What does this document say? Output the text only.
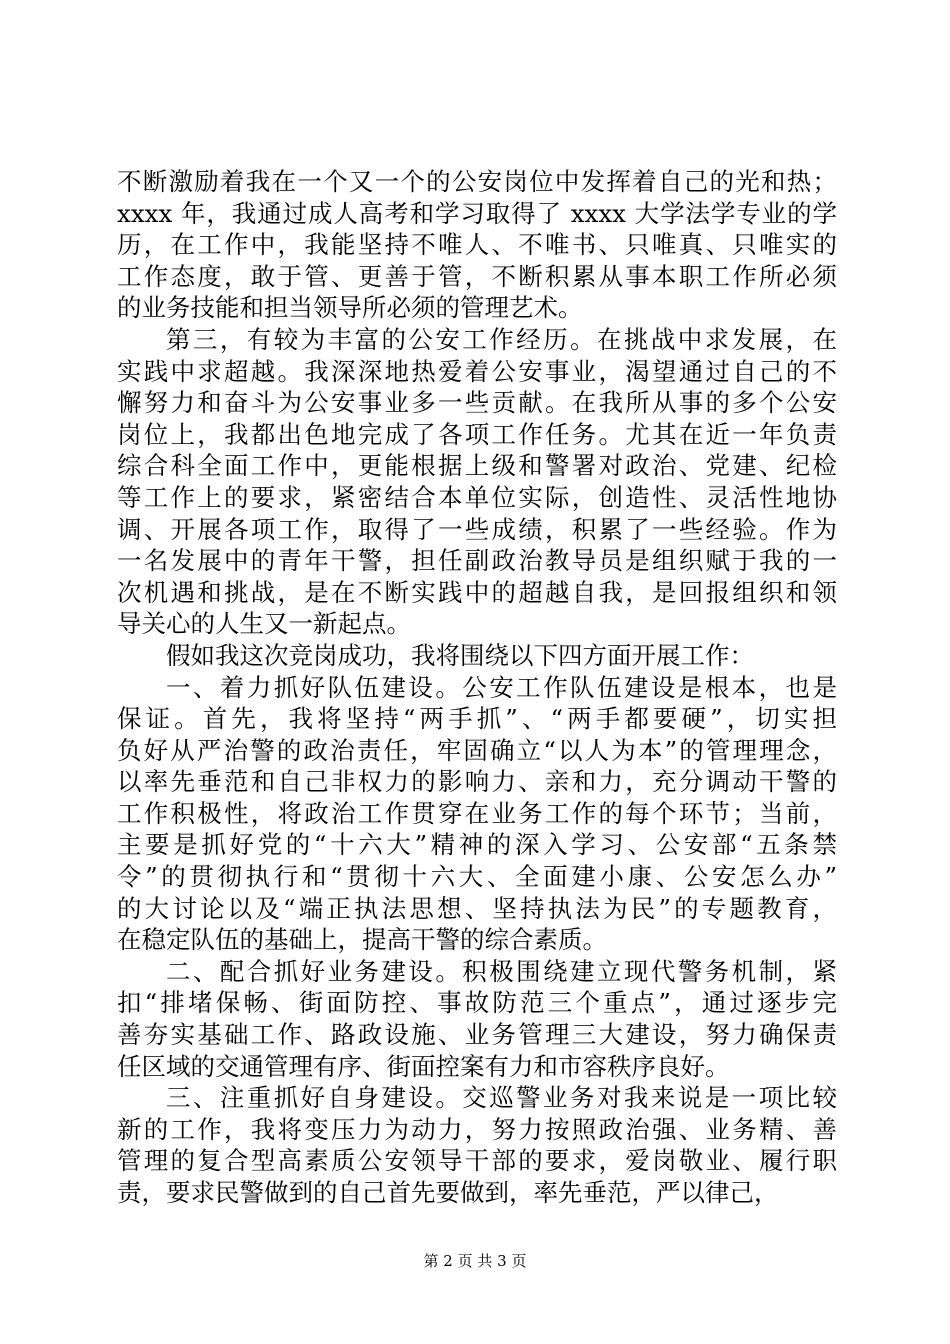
不断激励着我在一个又一个的公安岗位中发挥着自己的光和热；
xxxx 年，我通过成人高考和学习取得了 xxxx 大学法学专业的学
历，在工作中，我能坚持不唯人、不唯书、只唯真、只唯实的
工作态度，敢于管、更善于管，不断积累从事本职工作所必须
的业务技能和担当领导所必须的管理艺术。
第三，有较为丰富的公安工作经历。在挑战中求发展，在
实践中求超越。我深深地热爱着公安事业，渴望通过自己的不
懈努力和奋斗为公安事业多一些贡献。在我所从事的多个公安
岗位上，我都出色地完成了各项工作任务。尤其在近一年负责
综合科全面工作中，更能根据上级和警署对政治、党建、纪检
等工作上的要求，紧密结合本单位实际，创造性、灵活性地协
调、开展各项工作，取得了一些成绩，积累了一些经验。作为
一名发展中的青年干警，担任副政治教导员是组织赋于我的一
次机遇和挑战，是在不断实践中的超越自我，是回报组织和领
导关心的人生又一新起点。
假如我这次竞岗成功，我将围绕以下四方面开展工作：
一、着力抓好队伍建设。公安工作队伍建设是根本，也是
保证。首先，我将坚持“两手抓”、“两手都要硬”，切实担
负好从严治警的政治责任，牢固确立“以人为本”的管理理念，
以率先垂范和自己非权力的影响力、亲和力，充分调动干警的
工作积极性，将政治工作贯穿在业务工作的每个环节；当前，
主要是抓好党的“十六大”精神的深入学习、公安部“五条禁
令”的贯彻执行和“贯彻十六大、全面建小康、公安怎么办”
的大讨论以及“端正执法思想、坚持执法为民”的专题教育，
在稳定队伍的基础上，提高干警的综合素质。
二、配合抓好业务建设。积极围绕建立现代警务机制，紧
扣“排堵保畅、街面防控、事故防范三个重点”，通过逐步完
善夯实基础工作、路政设施、业务管理三大建设，努力确保责
任区域的交通管理有序、街面控案有力和市容秩序良好。
三、注重抓好自身建设。交巡警业务对我来说是一项比较
新的工作，我将变压力为动力，努力按照政治强、业务精、善
管理的复合型高素质公安领导干部的要求，爱岗敬业、履行职
责，要求民警做到的自己首先要做到，率先垂范，严以律己，
第 2 页 共 3 页
